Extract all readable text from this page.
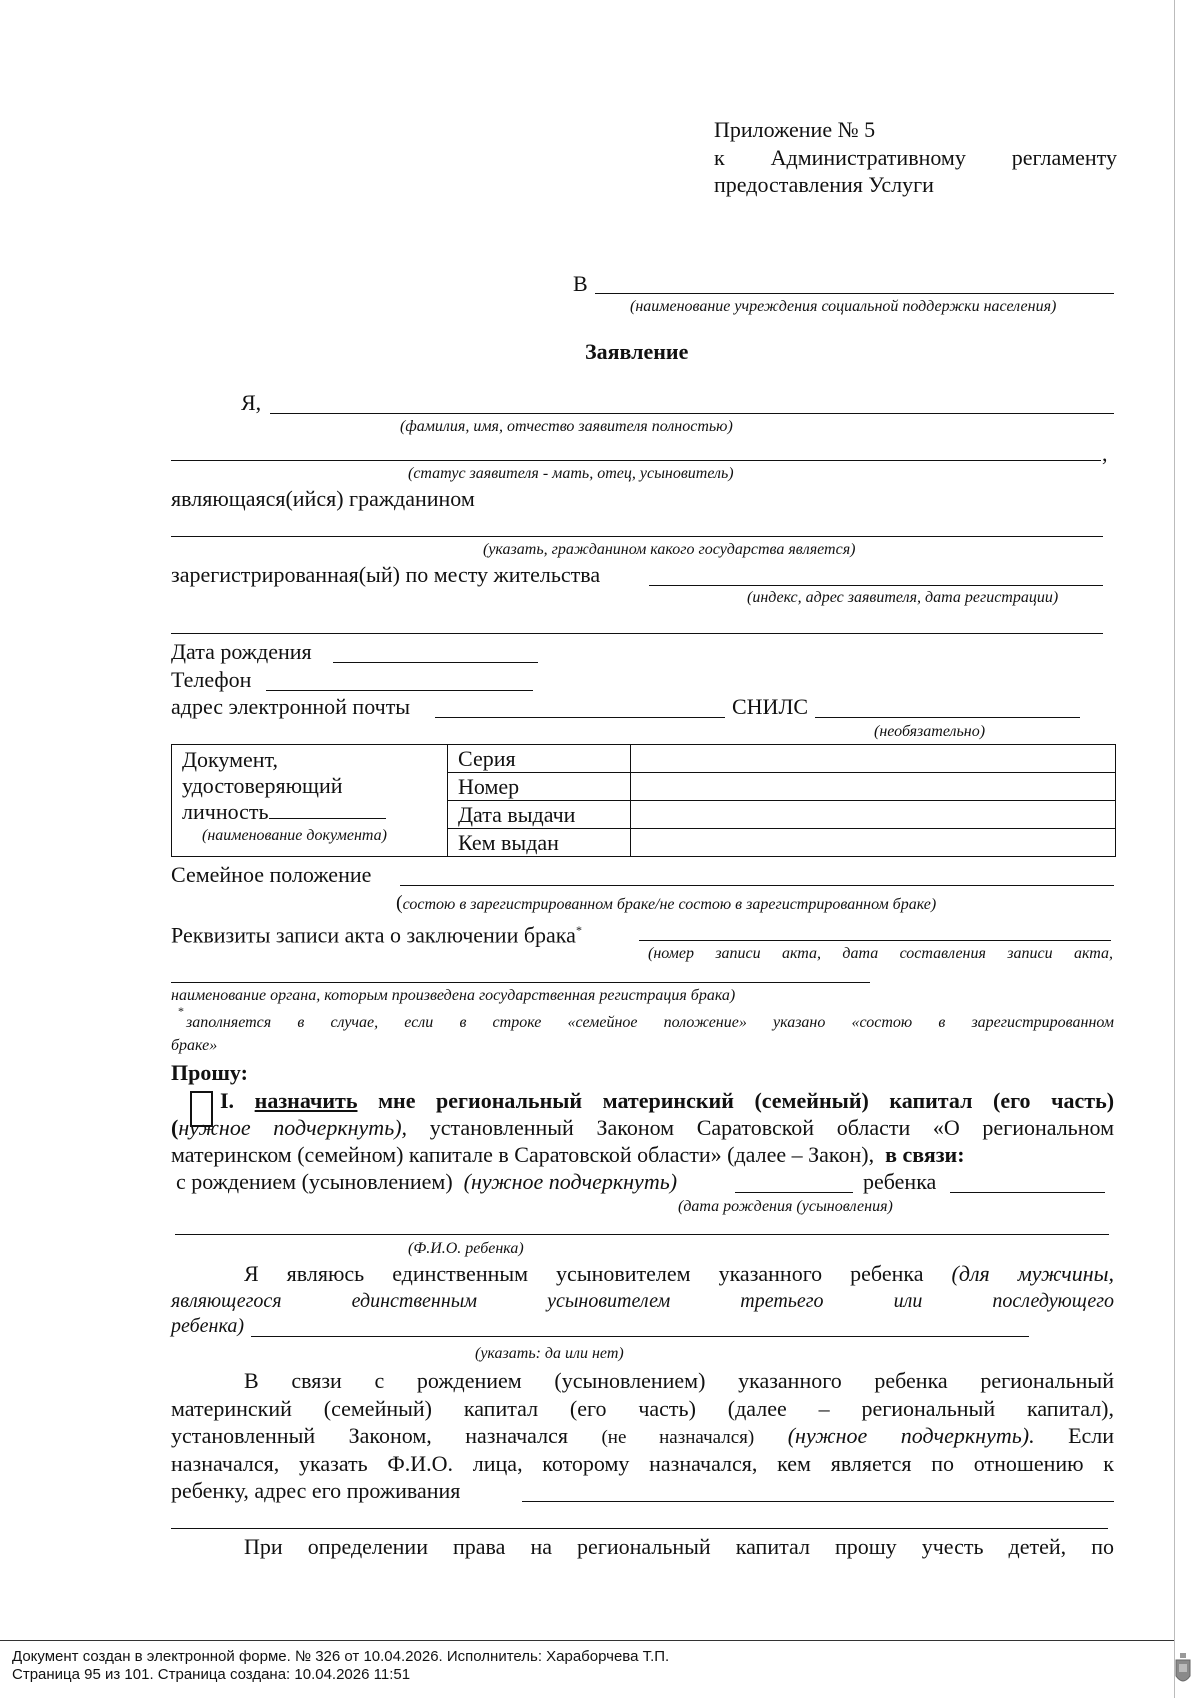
Приложение № 5
к Административному регламенту
предоставления Услуги
В
(наименование учреждения социальной поддержки населения)
Заявление
Я,
(фамилия, имя, отчество заявителя полностью)
,
(статус заявителя - мать, отец, усыновитель)
являющаяся(ийся) гражданином
(указать, гражданином какого государства является)
зарегистрированная(ый) по месту жительства
(индекс, адрес заявителя, дата регистрации)
Дата рождения
Телефон
адрес электронной почты	СНИЛС
(необязательно)
Документ,
удостоверяющий
личность
(наименование документа)	Серия	
	Номер	
	Дата выдачи	
	Кем выдан	
Семейное положение
(состою в зарегистрированном браке/не состою в зарегистрированном браке)
Реквизиты записи акта о заключении брака*
(номер записи акта, дата составления записи акта,
наименование органа, которым произведена государственная регистрация брака)
*
заполняется в случае, если в строке «семейное положение» указано «состою в зарегистрированном
браке»
Прошу:
I. назначить мне региональный материнский (семейный) капитал (его часть)
(нужное подчеркнуть), установленный Законом Саратовской области «О региональном
материнском (семейном) капитале в Саратовской области» (далее – Закон), в связи:
с рождением (усыновлением) (нужное подчеркнуть)	ребенка
(дата рождения (усыновления)
(Ф.И.О. ребенка)
Я являюсь единственным усыновителем указанного ребенка (для мужчины,
являющегося единственным усыновителем третьего или последующего
ребенка)
(указать: да или нет)
В связи с рождением (усыновлением) указанного ребенка региональный
материнский (семейный) капитал (его часть) (далее – региональный капитал),
установленный Законом, назначался (не назначался) (нужное подчеркнуть). Если
назначался, указать Ф.И.О. лица, которому назначался, кем является по отношению к
ребенку, адрес его проживания
При определении права на региональный капитал прошу учесть детей, по
Документ создан в электронной форме. № 326 от 10.04.2026. Исполнитель: Хараборчева Т.П.
Страница 95 из 101. Страница создана: 10.04.2026 11:51
